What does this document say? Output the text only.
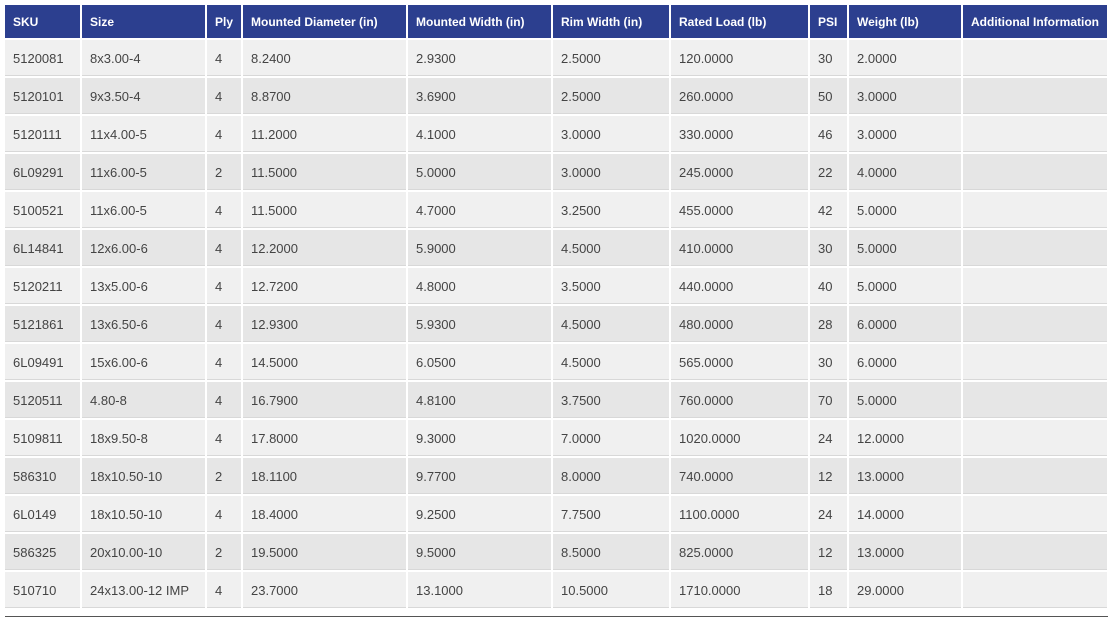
SKU	Size	Ply	Mounted Diameter (in)	Mounted Width (in)	Rim Width (in)	Rated Load (lb)	PSI	Weight (lb)	Additional Information
5120081	8x3.00-4	4	8.2400	2.9300	2.5000	120.0000	30	2.0000	
5120101	9x3.50-4	4	8.8700	3.6900	2.5000	260.0000	50	3.0000	
5120111	11x4.00-5	4	11.2000	4.1000	3.0000	330.0000	46	3.0000	
6L09291	11x6.00-5	2	11.5000	5.0000	3.0000	245.0000	22	4.0000	
5100521	11x6.00-5	4	11.5000	4.7000	3.2500	455.0000	42	5.0000	
6L14841	12x6.00-6	4	12.2000	5.9000	4.5000	410.0000	30	5.0000	
5120211	13x5.00-6	4	12.7200	4.8000	3.5000	440.0000	40	5.0000	
5121861	13x6.50-6	4	12.9300	5.9300	4.5000	480.0000	28	6.0000	
6L09491	15x6.00-6	4	14.5000	6.0500	4.5000	565.0000	30	6.0000	
5120511	4.80-8	4	16.7900	4.8100	3.7500	760.0000	70	5.0000	
5109811	18x9.50-8	4	17.8000	9.3000	7.0000	1020.0000	24	12.0000	
586310	18x10.50-10	2	18.1100	9.7700	8.0000	740.0000	12	13.0000	
6L0149	18x10.50-10	4	18.4000	9.2500	7.7500	1100.0000	24	14.0000	
586325	20x10.00-10	2	19.5000	9.5000	8.5000	825.0000	12	13.0000	
510710	24x13.00-12 IMP	4	23.7000	13.1000	10.5000	1710.0000	18	29.0000	
